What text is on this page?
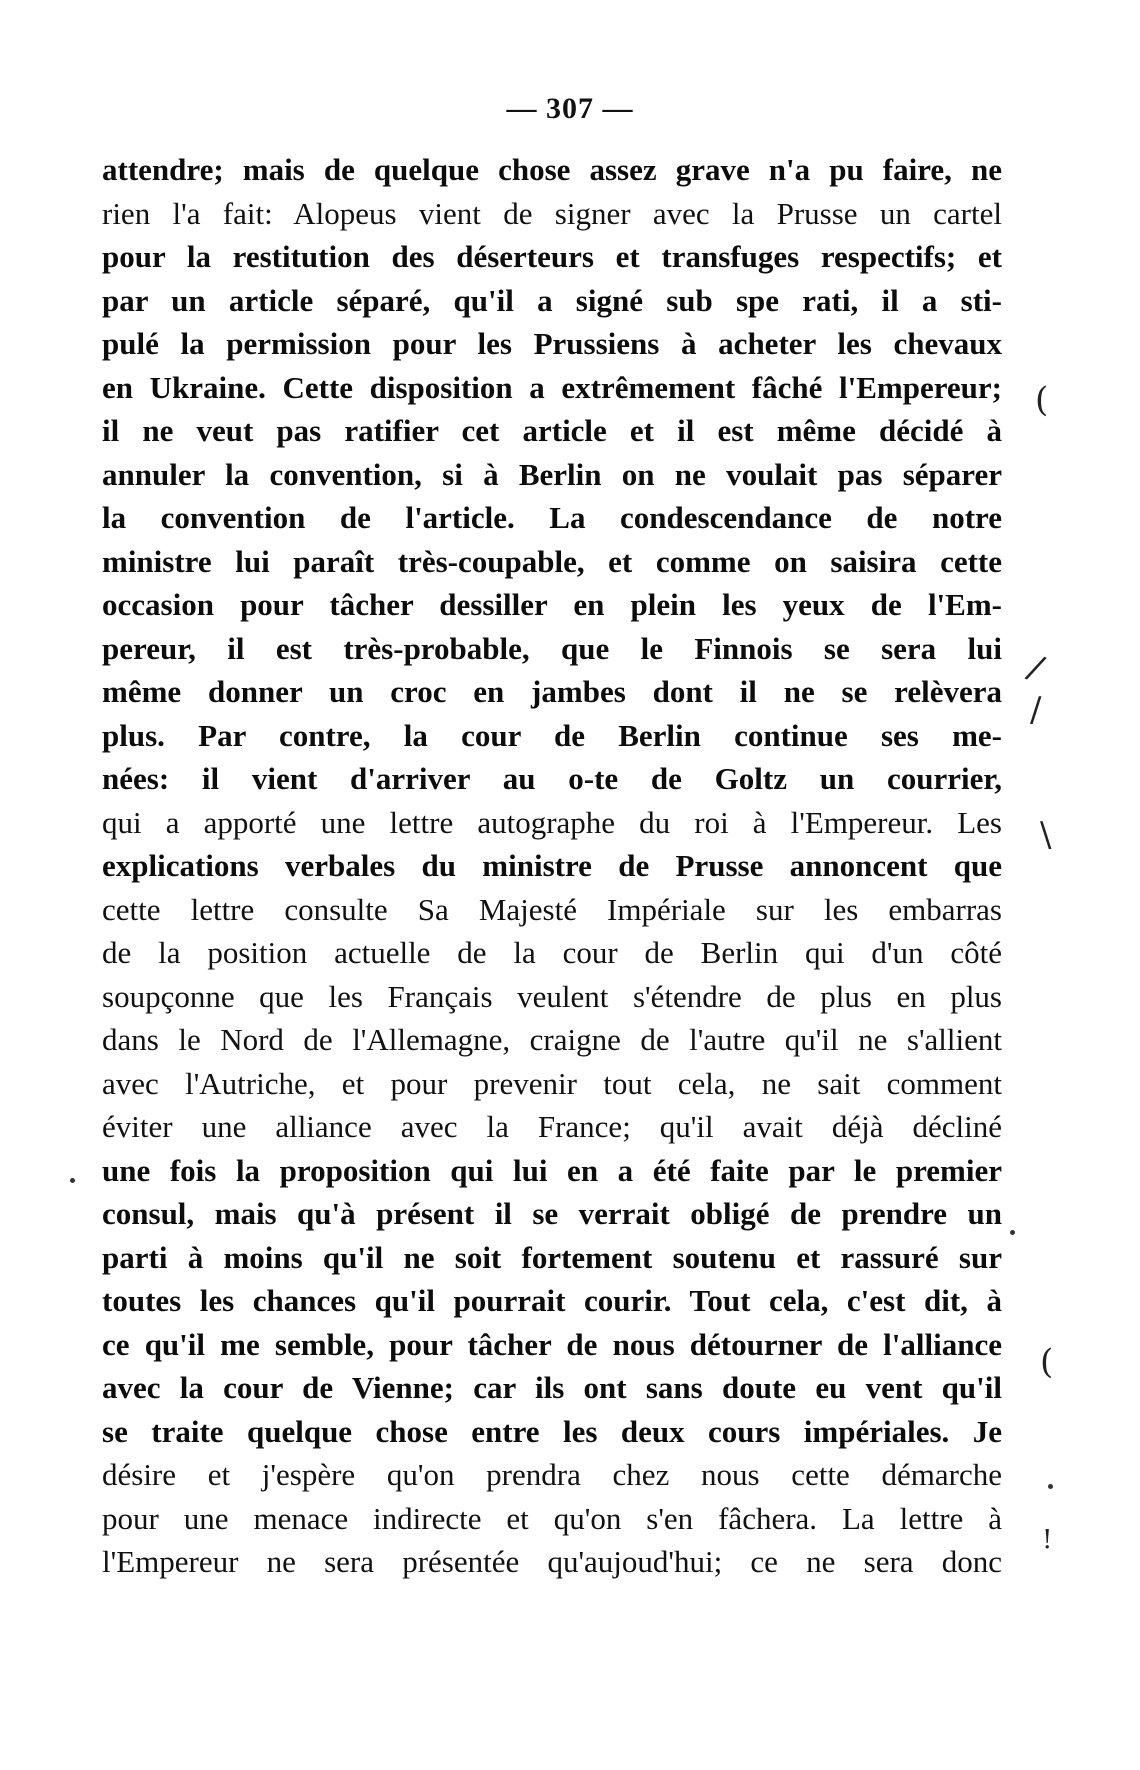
— 307 —
attendre; mais de quelque chose assez grave n'a pu faire, ne
rien l'a fait: Alopeus vient de signer avec la Prusse un cartel
pour la restitution des déserteurs et transfuges respectifs; et
par un article séparé, qu'il a signé sub spe rati, il a sti-
pulé la permission pour les Prussiens à acheter les chevaux
en Ukraine. Cette disposition a extrêmement fâché l'Empereur;
il ne veut pas ratifier cet article et il est même décidé à
annuler la convention, si à Berlin on ne voulait pas séparer
la convention de l'article. La condescendance de notre
ministre lui paraît très-coupable, et comme on saisira cette
occasion pour tâcher dessiller en plein les yeux de l'Em-
pereur, il est très-probable, que le Finnois se sera lui
même donner un croc en jambes dont il ne se relèvera
plus. Par contre, la cour de Berlin continue ses me-
nées: il vient d'arriver au o-te de Goltz un courrier,
qui a apporté une lettre autographe du roi à l'Empereur. Les
explications verbales du ministre de Prusse annoncent que
cette lettre consulte Sa Majesté Impériale sur les embarras
de la position actuelle de la cour de Berlin qui d'un côté
soupçonne que les Français veulent s'étendre de plus en plus
dans le Nord de l'Allemagne, craigne de l'autre qu'il ne s'allient
avec l'Autriche, et pour prevenir tout cela, ne sait comment
éviter une alliance avec la France; qu'il avait déjà décliné
une fois la proposition qui lui en a été faite par le premier
consul, mais qu'à présent il se verrait obligé de prendre un
parti à moins qu'il ne soit fortement soutenu et rassuré sur
toutes les chances qu'il pourrait courir. Tout cela, c'est dit, à
ce qu'il me semble, pour tâcher de nous détourner de l'alliance
avec la cour de Vienne; car ils ont sans doute eu vent qu'il
se traite quelque chose entre les deux cours impériales. Je
désire et j'espère qu'on prendra chez nous cette démarche
pour une menace indirecte et qu'on s'en fâchera. La lettre à
l'Empereur ne sera présentée qu'aujoud'hui; ce ne sera donc
(
/
/
\
(
!
